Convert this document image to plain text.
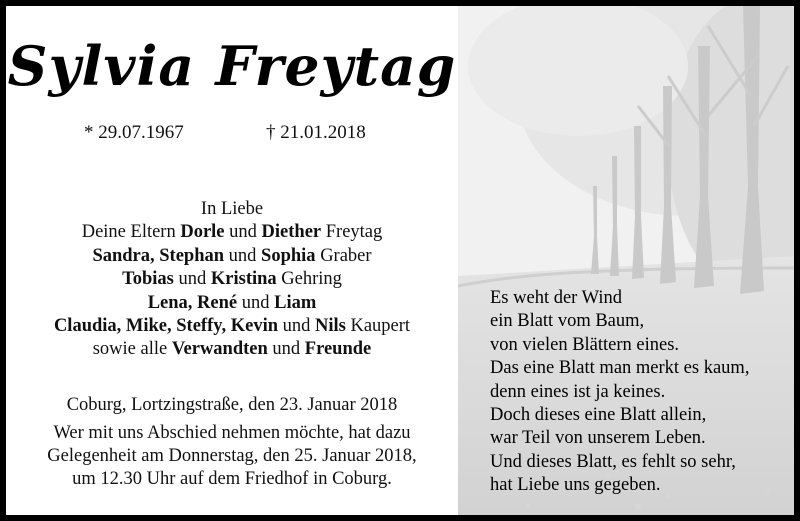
Sylvia Freytag
* 29.07.1967	† 21.01.2018
In Liebe
Deine Eltern Dorle und Diether Freytag
Sandra, Stephan und Sophia Graber
Tobias und Kristina Gehring
Lena, René und Liam
Claudia, Mike, Steffy, Kevin und Nils Kaupert
sowie alle Verwandten und Freunde
Coburg, Lortzingstraße, den 23. Januar 2018
Wer mit uns Abschied nehmen möchte, hat dazu
Gelegenheit am Donnerstag, den 25. Januar 2018,
um 12.30 Uhr auf dem Friedhof in Coburg.
Es weht der Wind
ein Blatt vom Baum,
von vielen Blättern eines.
Das eine Blatt man merkt es kaum,
denn eines ist ja keines.
Doch dieses eine Blatt allein,
war Teil von unserem Leben.
Und dieses Blatt, es fehlt so sehr,
hat Liebe uns gegeben.
